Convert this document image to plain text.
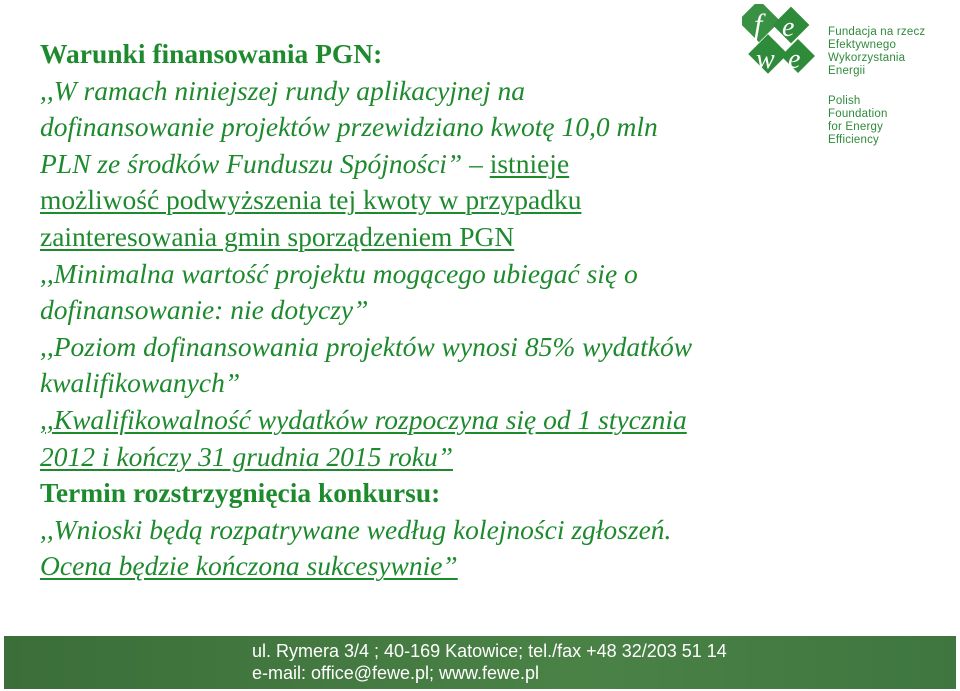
f e
w e
Fundacja na rzecz
Efektywnego
Wykorzystania
Energii
Polish
Foundation
for Energy
Efficiency
Warunki finansowania PGN:
,,W ramach niniejszej rundy aplikacyjnej na
dofinansowanie projektów przewidziano kwotę 10,0 mln
PLN ze środków Funduszu Spójności” – istnieje
możliwość podwyższenia tej kwoty w przypadku
zainteresowania gmin sporządzeniem PGN
,,Minimalna wartość projektu mogącego ubiegać się o
dofinansowanie: nie dotyczy”
,,Poziom dofinansowania projektów wynosi 85% wydatków
kwalifikowanych”
,,Kwalifikowalność wydatków rozpoczyna się od 1 stycznia
2012 i kończy 31 grudnia 2015 roku”
Termin rozstrzygnięcia konkursu:
,,Wnioski będą rozpatrywane według kolejności zgłoszeń.
Ocena będzie kończona sukcesywnie”
ul. Rymera 3/4 ; 40-169 Katowice; tel./fax +48 32/203 51 14
e-mail: office@fewe.pl; www.fewe.pl
